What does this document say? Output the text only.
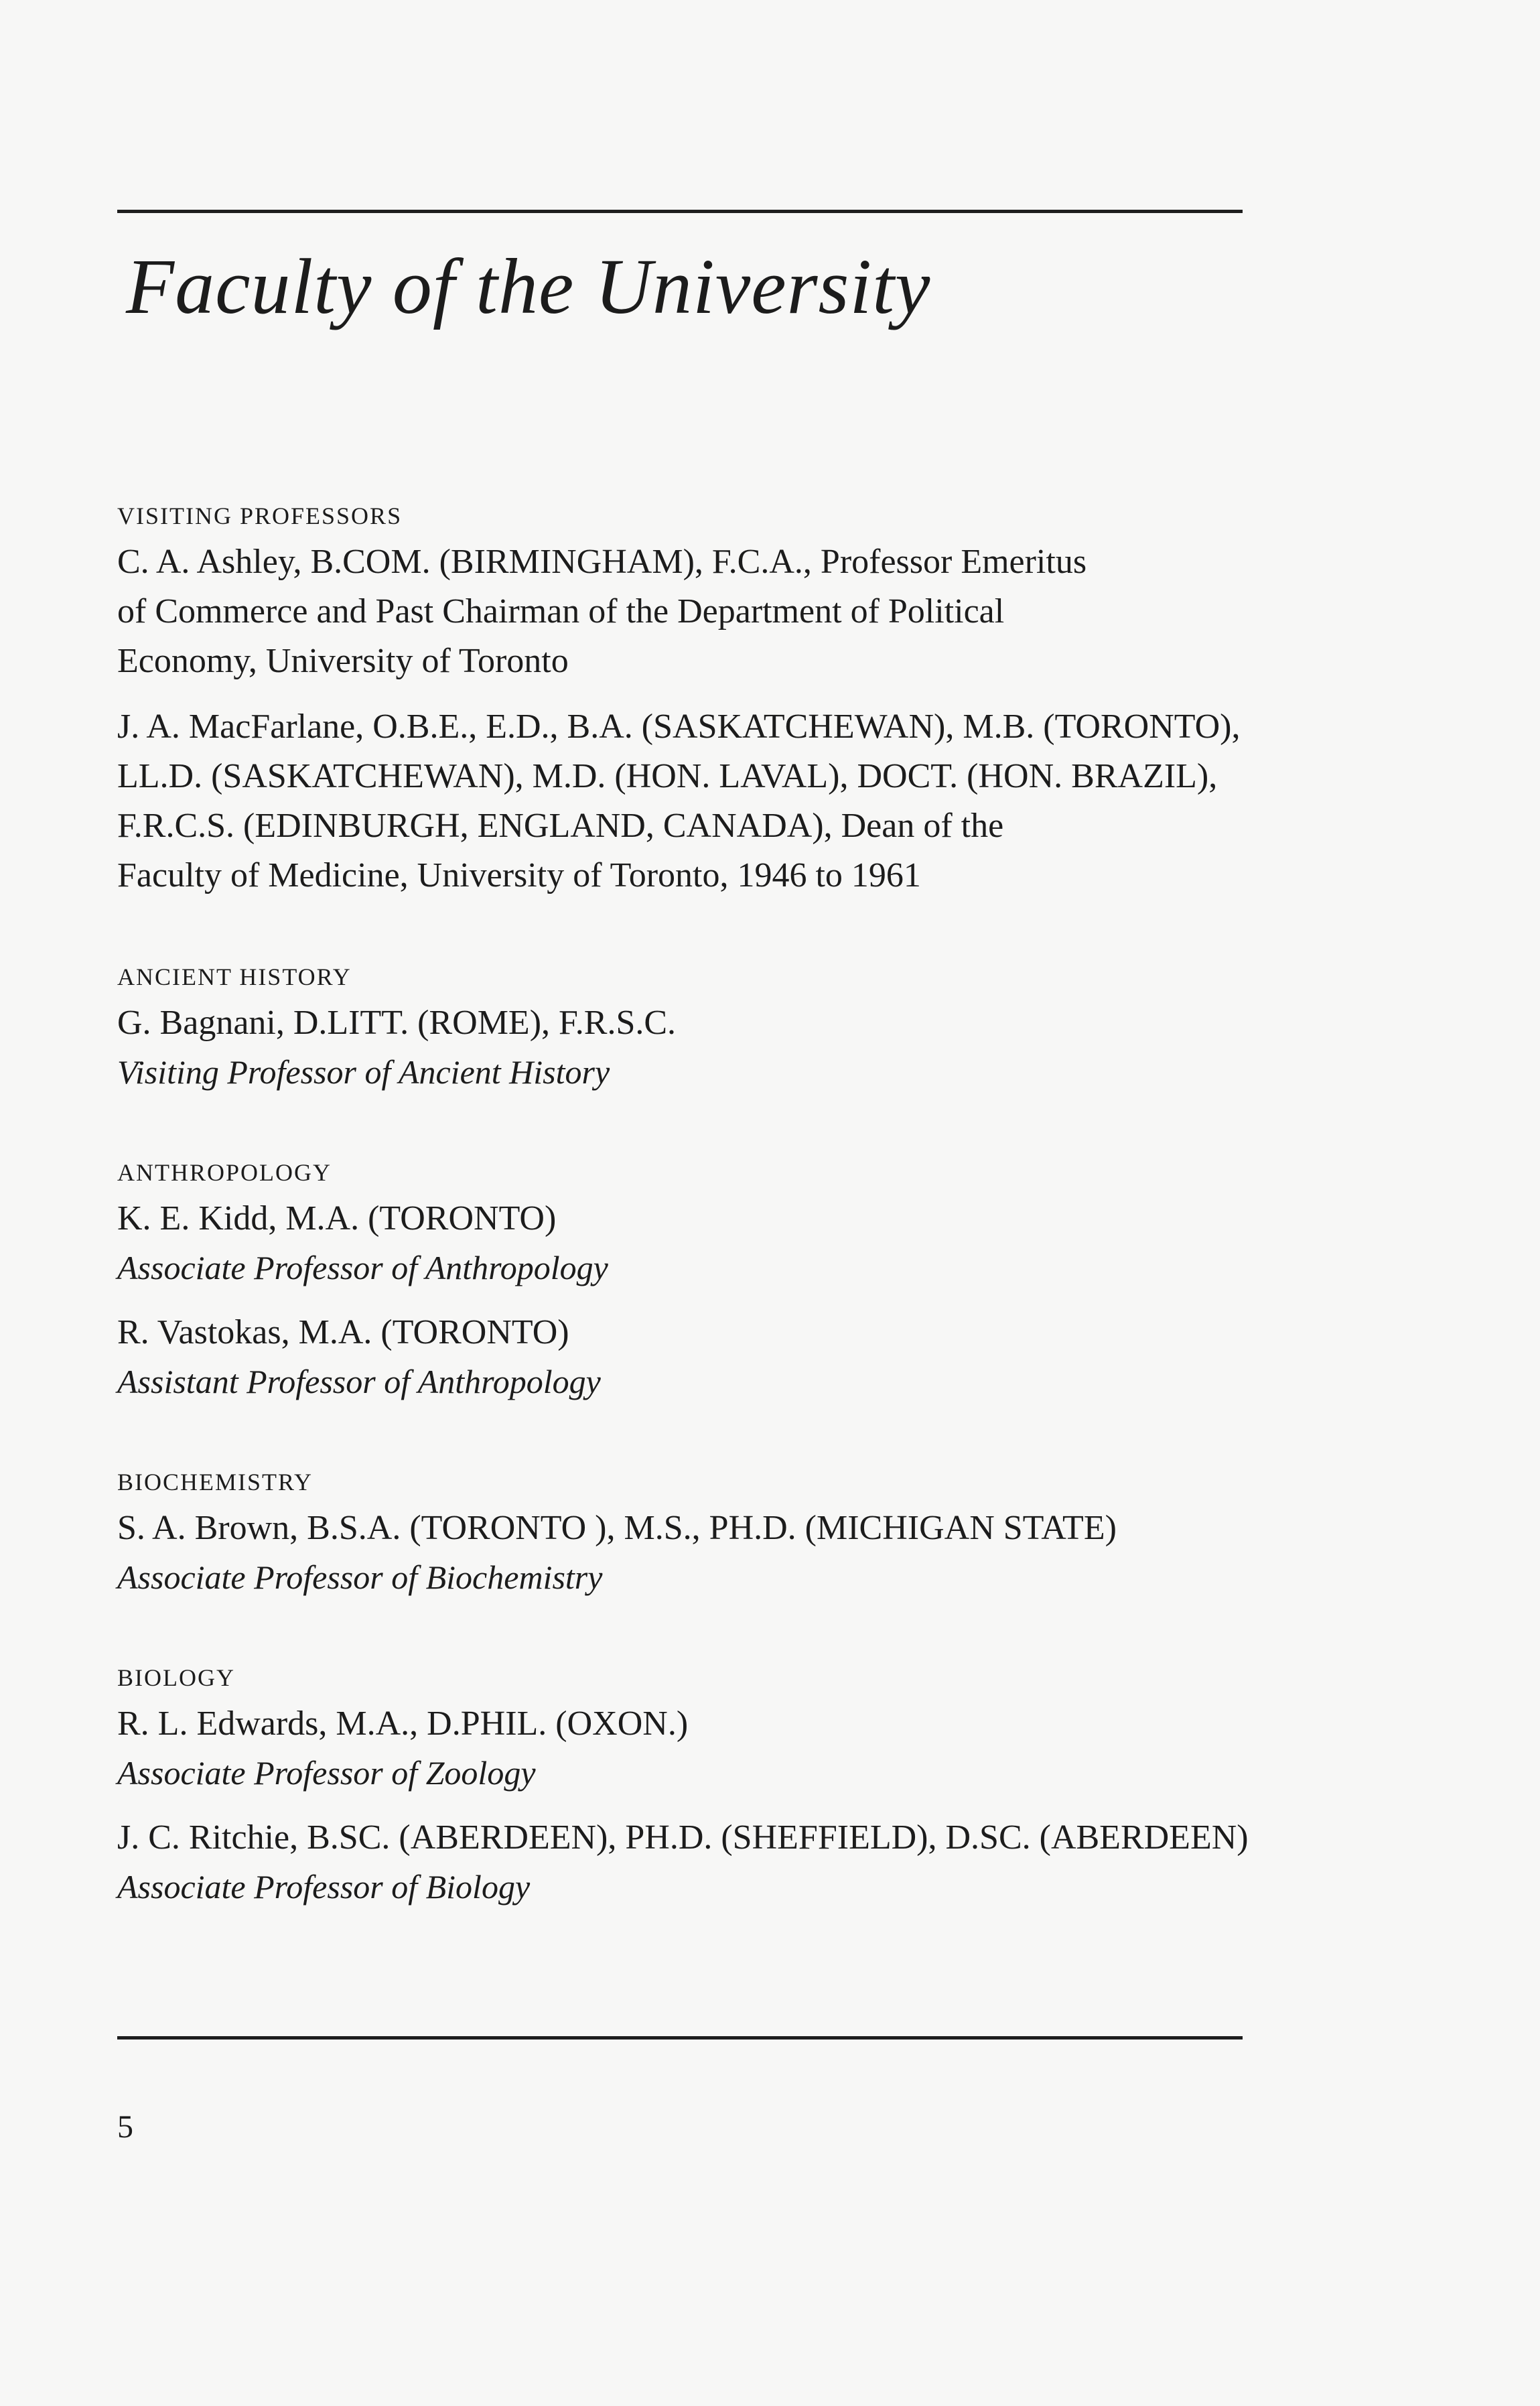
Faculty of the University
VISITING PROFESSORS
C. A. Ashley, B.COM. (BIRMINGHAM), F.C.A., Professor Emeritus
of Commerce and Past Chairman of the Department of Political
Economy, University of Toronto
J. A. MacFarlane, O.B.E., E.D., B.A. (SASKATCHEWAN), M.B. (TORONTO),
LL.D. (SASKATCHEWAN), M.D. (HON. LAVAL), DOCT. (HON. BRAZIL),
F.R.C.S. (EDINBURGH, ENGLAND, CANADA), Dean of the
Faculty of Medicine, University of Toronto, 1946 to 1961
ANCIENT HISTORY
G. Bagnani, D.LITT. (ROME), F.R.S.C.
Visiting Professor of Ancient History
ANTHROPOLOGY
K. E. Kidd, M.A. (TORONTO)
Associate Professor of Anthropology
R. Vastokas, M.A. (TORONTO)
Assistant Professor of Anthropology
BIOCHEMISTRY
S. A. Brown, B.S.A. (TORONTO ), M.S., PH.D. (MICHIGAN STATE)
Associate Professor of Biochemistry
BIOLOGY
R. L. Edwards, M.A., D.PHIL. (OXON.)
Associate Professor of Zoology
J. C. Ritchie, B.SC. (ABERDEEN), PH.D. (SHEFFIELD), D.SC. (ABERDEEN)
Associate Professor of Biology
5
